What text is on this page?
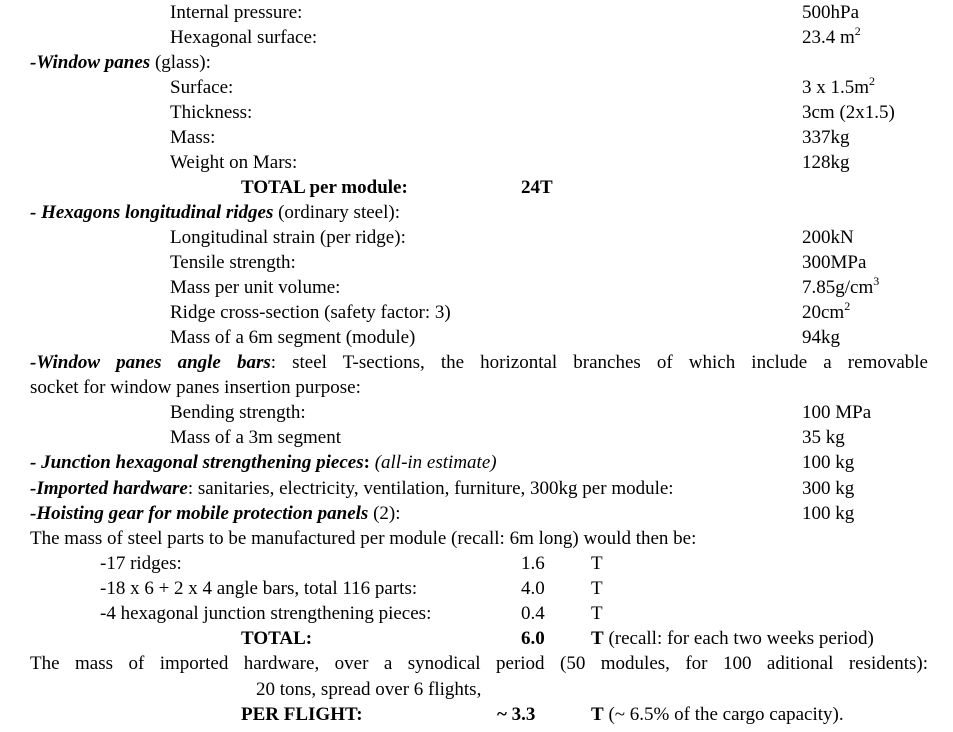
Internal pressure:	500hPa
Hexagonal surface:	23.4 $m^2$
-Window panes (glass):
Surface:	3 x $1.5m^2$
Thickness:	3cm (2x1.5)
Mass:	337kg
Weight on Mars:	128kg
TOTAL per module:	24T
- Hexagons longitudinal ridges (ordinary steel):
Longitudinal strain (per ridge):	200kN
Tensile strength:	300MPa
Mass per unit volume:	$7.85g/cm^3$
Ridge cross-section (safety factor: 3)	$20cm^2$
Mass of a 6m segment (module)	94kg
-Window panes angle bars: steel T-sections, the horizontal branches of which include a removable
socket for window panes insertion purpose:
Bending strength:	100 MPa
Mass of a 3m segment	35 kg
- Junction hexagonal strengthening pieces: (all-in estimate)	100 kg
-Imported hardware: sanitaries, electricity, ventilation, furniture, 300kg per module:	300 kg
-Hoisting gear for mobile protection panels (2):	100 kg
The mass of steel parts to be manufactured per module (recall: 6m long) would then be:
-17 ridges:	1.6 T
-18 x 6 + 2 x 4 angle bars, total 116 parts:	4.0 T
-4 hexagonal junction strengthening pieces:	0.4 T
TOTAL:	6.0 T (recall: for each two weeks period)
The mass of imported hardware, over a synodical period (50 modules, for 100 aditional residents):
20 tons, spread over 6 flights,
PER FLIGHT:	~ 3.3	T (~ 6.5% of the cargo capacity).
